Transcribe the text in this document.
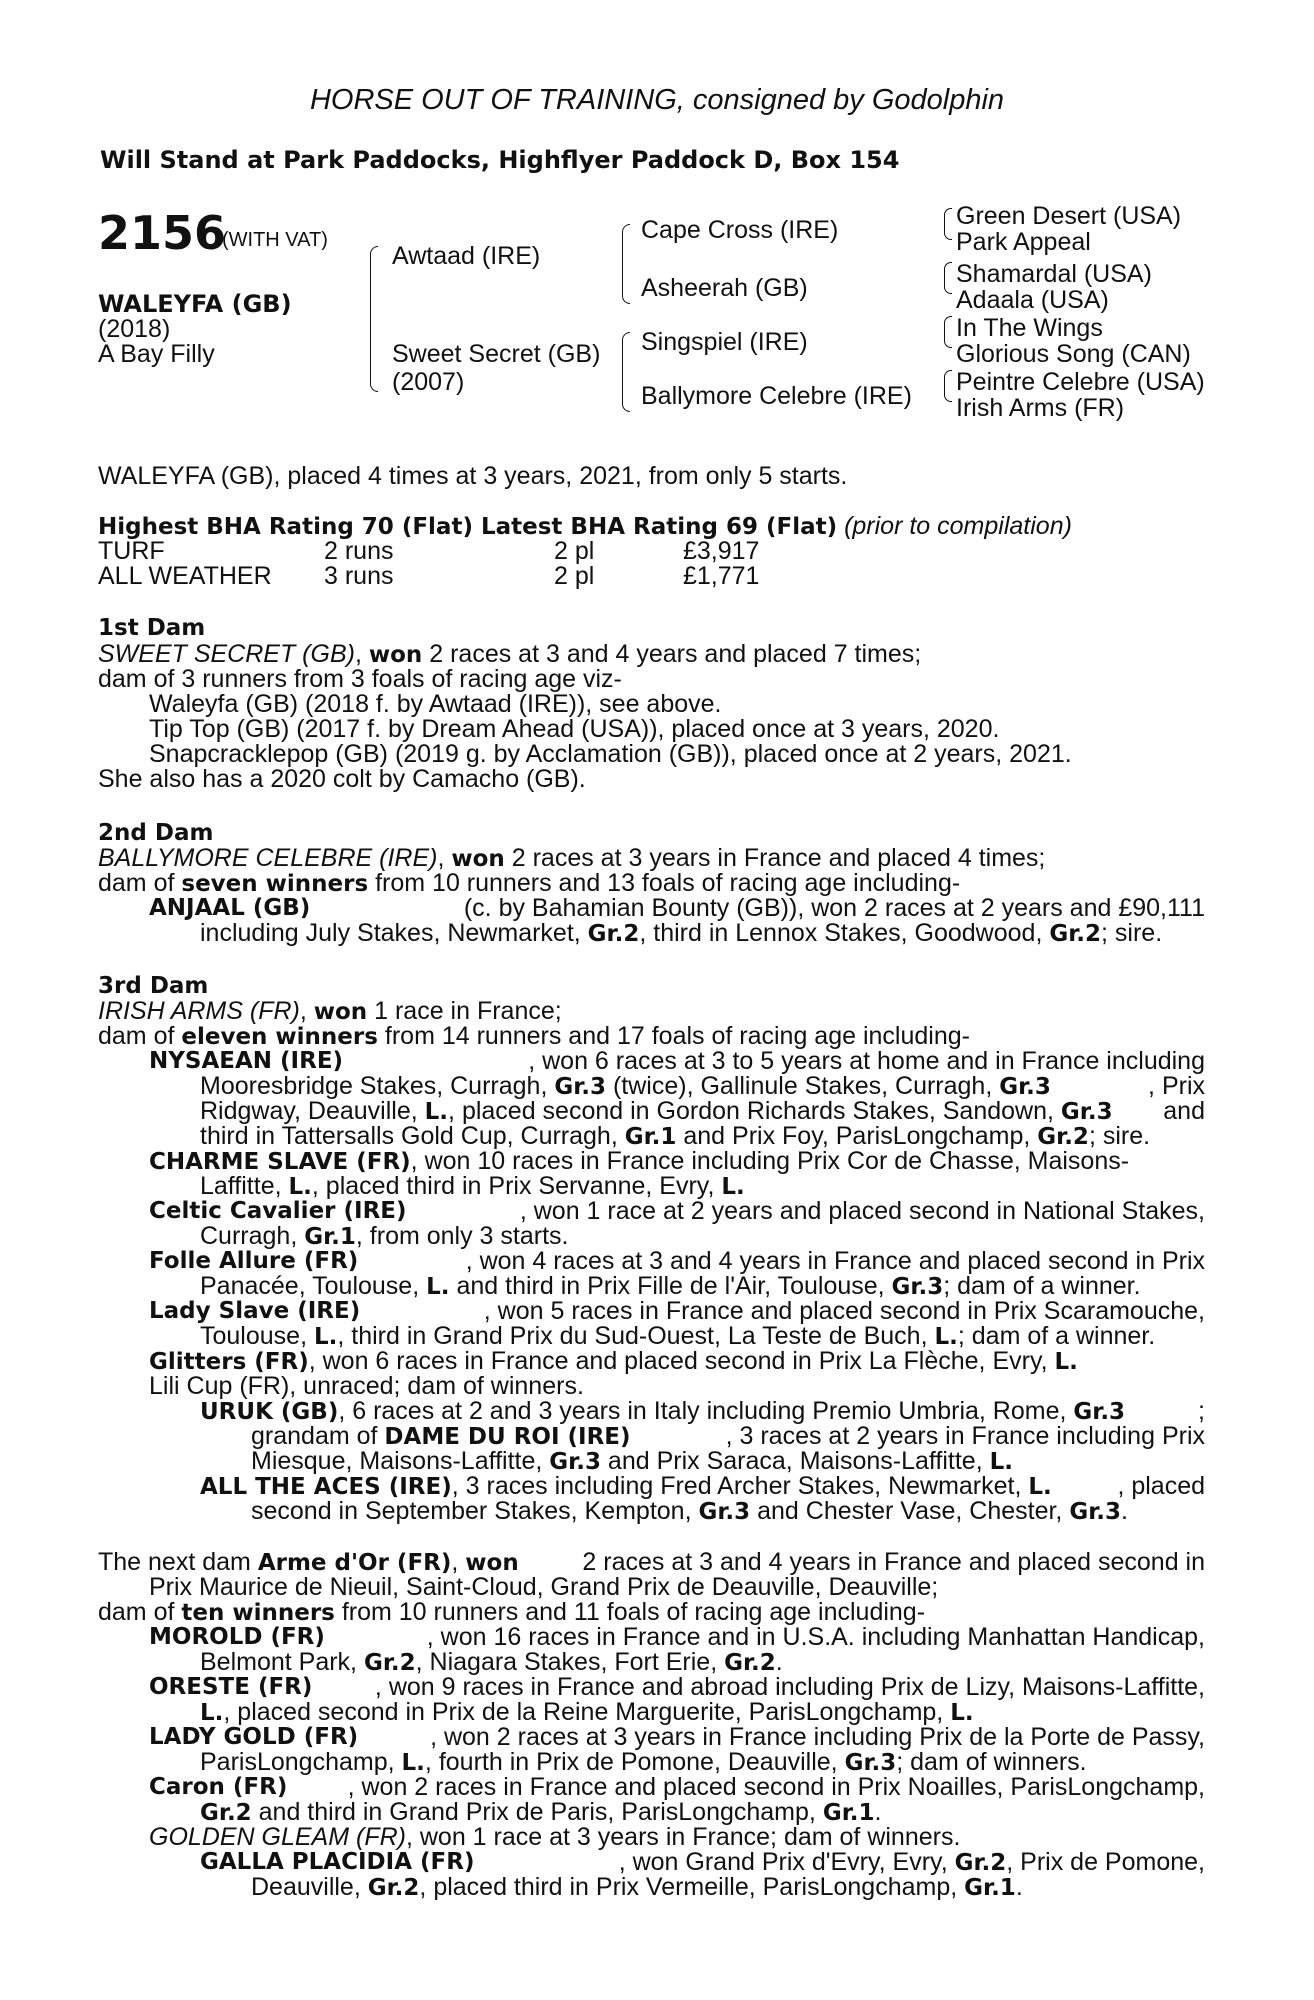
HORSE OUT OF TRAINING, consigned by Godolphin
Will Stand at Park Paddocks, Highflyer Paddock D, Box 154
2156
(WITH VAT)
WALEYFA (GB)
(2018)
A Bay Filly
Awtaad (IRE)
Sweet Secret (GB)
(2007)
Cape Cross (IRE)
Asheerah (GB)
Singspiel (IRE)
Ballymore Celebre (IRE)
Green Desert (USA)
Park Appeal
Shamardal (USA)
Adaala (USA)
In The Wings
Glorious Song (CAN)
Peintre Celebre (USA)
Irish Arms (FR)
WALEYFA (GB), placed 4 times at 3 years, 2021, from only 5 starts.
Highest BHA Rating 70 (Flat) Latest BHA Rating 69 (Flat) (prior to compilation)
TURF	2 runs	2 pl	£3,917
ALL WEATHER 3 runs	2 pl	£1,771
1st Dam
SWEET SECRET (GB), won 2 races at 3 and 4 years and placed 7 times;
dam of 3 runners from 3 foals of racing age viz-
Waleyfa (GB) (2018 f. by Awtaad (IRE)), see above.
Tip Top (GB) (2017 f. by Dream Ahead (USA)), placed once at 3 years, 2020.
Snapcracklepop (GB) (2019 g. by Acclamation (GB)), placed once at 2 years, 2021.
She also has a 2020 colt by Camacho (GB).
2nd Dam
BALLYMORE CELEBRE (IRE), won 2 races at 3 years in France and placed 4 times;
dam of seven winners from 10 runners and 13 foals of racing age including-
ANJAAL (GB)	(c. by Bahamian Bounty (GB)), won 2 races at 2 years and £90,111
including July Stakes, Newmarket, Gr.2, third in Lennox Stakes, Goodwood, Gr.2; sire.
3rd Dam
IRISH ARMS (FR), won 1 race in France;
dam of eleven winners from 14 runners and 17 foals of racing age including-
NYSAEAN (IRE)	, won 6 races at 3 to 5 years at home and in France including
Mooresbridge Stakes, Curragh, Gr.3 (twice), Gallinule Stakes, Curragh, Gr.3	, Prix
Ridgway, Deauville, L., placed second in Gordon Richards Stakes, Sandown, Gr.3 and
third in Tattersalls Gold Cup, Curragh, Gr.1 and Prix Foy, ParisLongchamp, Gr.2; sire.
CHARME SLAVE (FR), won 10 races in France including Prix Cor de Chasse, Maisons-
Laffitte, L., placed third in Prix Servanne, Evry, L.
Celtic Cavalier (IRE)	, won 1 race at 2 years and placed second in National Stakes,
Curragh, Gr.1, from only 3 starts.
Folle Allure (FR)	, won 4 races at 3 and 4 years in France and placed second in Prix
Panacée, Toulouse, L. and third in Prix Fille de l'Air, Toulouse, Gr.3; dam of a winner.
Lady Slave (IRE)	, won 5 races in France and placed second in Prix Scaramouche,
Toulouse, L., third in Grand Prix du Sud-Ouest, La Teste de Buch, L.; dam of a winner.
Glitters (FR), won 6 races in France and placed second in Prix La Flèche, Evry, L.
Lili Cup (FR), unraced; dam of winners.
URUK (GB), 6 races at 2 and 3 years in Italy including Premio Umbria, Rome, Gr.3	;
grandam of DAME DU ROI (IRE)	, 3 races at 2 years in France including Prix
Miesque, Maisons-Laffitte, Gr.3 and Prix Saraca, Maisons-Laffitte, L.
ALL THE ACES (IRE), 3 races including Fred Archer Stakes, Newmarket, L.	, placed
second in September Stakes, Kempton, Gr.3 and Chester Vase, Chester, Gr.3.
The next dam Arme d'Or (FR), won	2 races at 3 and 4 years in France and placed second in
Prix Maurice de Nieuil, Saint-Cloud, Grand Prix de Deauville, Deauville;
dam of ten winners from 10 runners and 11 foals of racing age including-
MOROLD (FR)	, won 16 races in France and in U.S.A. including Manhattan Handicap,
Belmont Park, Gr.2, Niagara Stakes, Fort Erie, Gr.2.
ORESTE (FR)	, won 9 races in France and abroad including Prix de Lizy, Maisons-Laffitte,
L., placed second in Prix de la Reine Marguerite, ParisLongchamp, L.
LADY GOLD (FR)	, won 2 races at 3 years in France including Prix de la Porte de Passy,
ParisLongchamp, L., fourth in Prix de Pomone, Deauville, Gr.3; dam of winners.
Caron (FR) , won 2 races in France and placed second in Prix Noailles, ParisLongchamp,
Gr.2 and third in Grand Prix de Paris, ParisLongchamp, Gr.1.
GOLDEN GLEAM (FR), won 1 race at 3 years in France; dam of winners.
GALLA PLACIDIA (FR)	, won Grand Prix d'Evry, Evry, Gr.2, Prix de Pomone,
Deauville, Gr.2, placed third in Prix Vermeille, ParisLongchamp, Gr.1.
